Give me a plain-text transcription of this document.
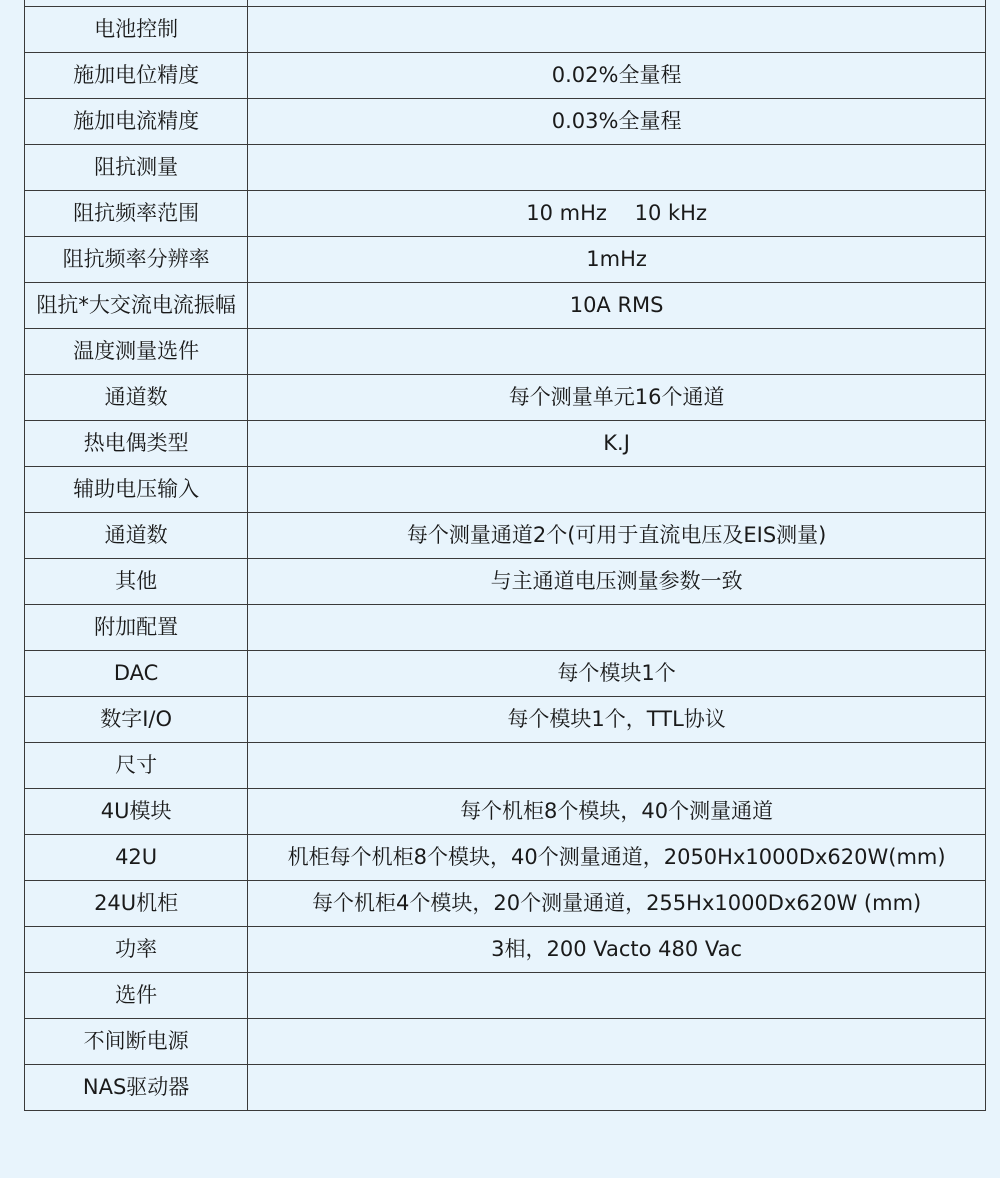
电池控制	
施加电位精度	0.02%全量程
施加电流精度	0.03%全量程
阻抗测量	
阻抗频率范围	10 mHz　 10 kHz
阻抗频率分辨率	1mHz
阻抗*大交流电流振幅	10A RMS
温度测量选件	
通道数	每个测量单元16个通道
热电偶类型	K.J
辅助电压输入	
通道数	每个测量通道2个(可用于直流电压及EIS测量)
其他	与主通道电压测量参数一致
附加配置	
DAC	每个模块1个
数字I/O	每个模块1个，TTL协议
尺寸	
4U模块	每个机柜8个模块，40个测量通道
42U	机柜每个机柜8个模块，40个测量通道，2050Hx1000Dx620W(mm)
24U机柜	每个机柜4个模块，20个测量通道，255Hx1000Dx620W (mm)
功率	3相，200 Vacto 480 Vac
选件	
不间断电源	
NAS驱动器	
